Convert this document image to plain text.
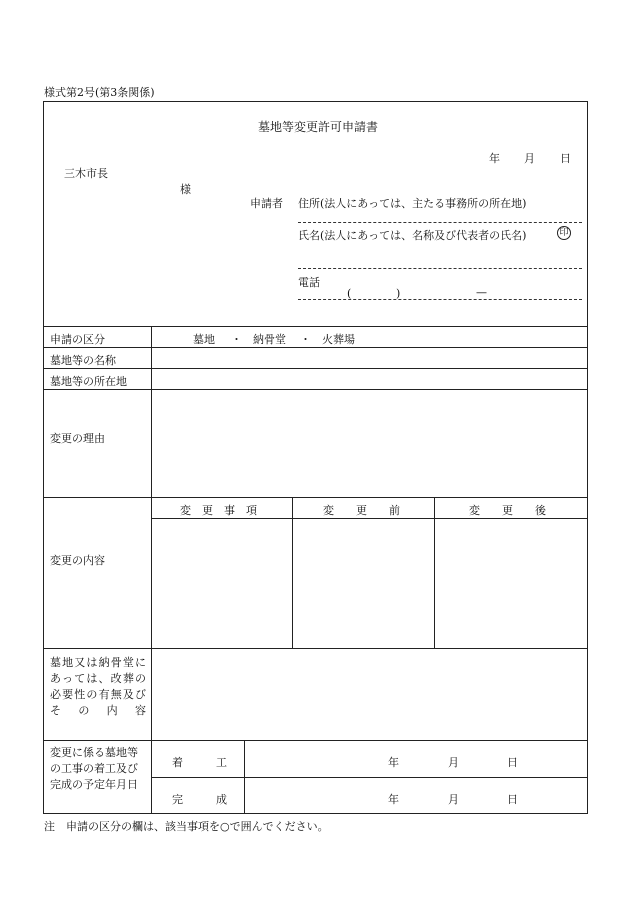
様式第2号(第3条関係)
墓地等変更許可申請書
年 月 日
三木市長
様
申請者 住所(法人にあっては、主たる事務所の所在地)
氏名(法人にあっては、名称及び代表者の氏名)	印
電話
(	)	—
申請の区分	墓地 ・ 納骨堂 ・ 火葬場
墓地等の名称
墓地等の所在地
変更の理由
変更の内容
変　更　事　項	変　　更　　前	変　　更　　後
墓地又は納骨堂にあっては、改葬の必要性の有無及びその内容
変更に係る墓地等の工事の着工及び完成の予定年月日
着　　　工	年	月	日
完　　　成	年	月	日
注　申請の区分の欄は、該当事項を○で囲んでください。
